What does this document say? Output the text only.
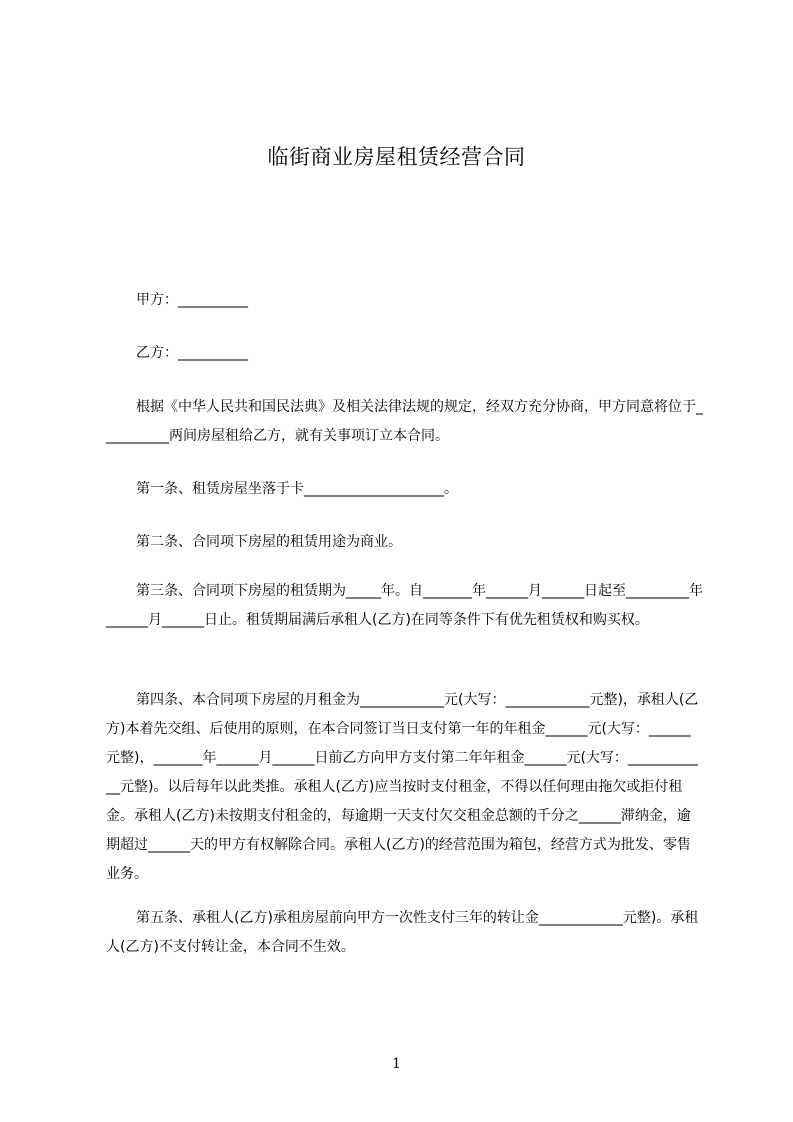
临街商业房屋租赁经营合同
甲方：__________
乙方：__________
根据《中华人民共和国民法典》及相关法律法规的规定，经双方充分协商，甲方同意将位于__________两间房屋租给乙方，就有关事项订立本合同。
第一条、租赁房屋坐落于卡____________________。
第二条、合同项下房屋的租赁用途为商业。
第三条、合同项下房屋的租赁期为_____年。自_______年______月______日起至_________年______月______日止。租赁期届满后承租人(乙方)在同等条件下有优先租赁权和购买权。
第四条、本合同项下房屋的月租金为____________元(大写：____________元整)，承租人(乙方)本着先交组、后使用的原则，在本合同签订当日支付第一年的年租金______元(大写：______元整)，_______年______月______日前乙方向甲方支付第二年年租金______元(大写：____________元整)。以后每年以此类推。承租人(乙方)应当按时支付租金，不得以任何理由拖欠或拒付租金。承租人(乙方)未按期支付租金的，每逾期一天支付欠交租金总额的千分之______滞纳金，逾期超过______天的甲方有权解除合同。承租人(乙方)的经营范围为箱包，经营方式为批发、零售业务。
第五条、承租人(乙方)承租房屋前向甲方一次性支付三年的转让金____________元整)。承租人(乙方)不支付转让金，本合同不生效。
1
